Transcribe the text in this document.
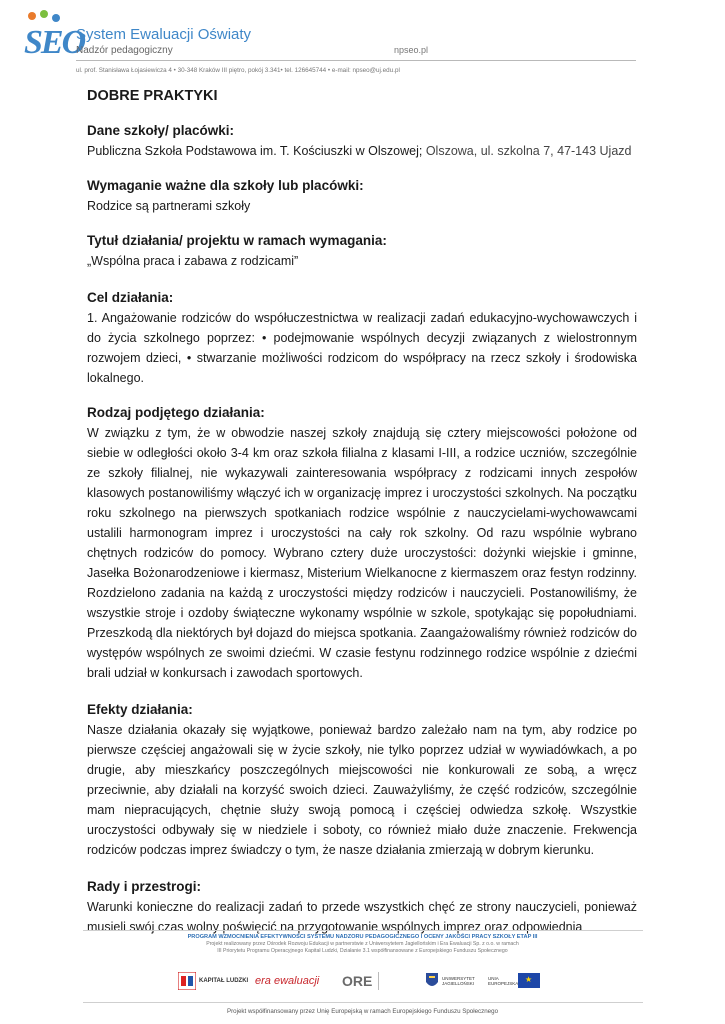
SEO
System Ewaluacji Oświaty
Nadzór pedagogiczny	npseo.pl
ul. prof. Stanisława Łojasiewicza 4 • 30-348 Kraków III piętro, pokój 3.341• tel. 126645744 • e-mail: npseo@uj.edu.pl

DOBRE PRAKTYKI

Dane szkoły/ placówki:

Publiczna Szkoła Podstawowa im. T. Kościuszki w Olszowej; Olszowa, ul. szkolna 7, 47-143 Ujazd

Wymaganie ważne dla szkoły lub placówki:

Rodzice są partnerami szkoły

Tytuł działania/ projektu w ramach wymagania:

„Wspólna praca i zabawa z rodzicami”

Cel działania:

1. Angażowanie rodziców do współuczestnictwa w realizacji zadań edukacyjno-wychowawczych i do życia szkolnego poprzez: • podejmowanie wspólnych decyzji związanych z wielostronnym rozwojem dzieci, • stwarzanie możliwości rodzicom do współpracy na rzecz szkoły i środowiska lokalnego.

Rodzaj podjętego działania:

W związku z tym, że w obwodzie naszej szkoły znajdują się cztery miejscowości położone od siebie w odległości około 3-4 km oraz szkoła filialna z klasami I-III, a rodzice uczniów, szczególnie ze szkoły filialnej, nie wykazywali zainteresowania współpracy z rodzicami innych zespołów klasowych postanowiliśmy włączyć ich w organizację imprez i uroczystości szkolnych. Na początku roku szkolnego na pierwszych spotkaniach rodzice wspólnie z nauczycielami-wychowawcami ustalili harmonogram imprez i uroczystości na cały rok szkolny. Od razu wspólnie wybrano chętnych rodziców do pomocy. Wybrano cztery duże uroczystości: dożynki wiejskie i gminne, Jasełka Bożonarodzeniowe i kiermasz, Misterium Wielkanocne z kiermaszem oraz festyn rodzinny. Rozdzielono zadania na każdą z uroczystości między rodziców i nauczycieli. Postanowiliśmy, że wszystkie stroje i ozdoby świąteczne wykonamy wspólnie w szkole, spotykając się popołudniami. Przeszkodą dla niektórych był dojazd do miejsca spotkania. Zaangażowaliśmy również rodziców do występów wspólnych ze swoimi dziećmi. W czasie festynu rodzinnego rodzice wspólnie z dziećmi brali udział w konkursach i zawodach sportowych.

Efekty działania:

Nasze działania okazały się wyjątkowe, ponieważ bardzo zależało nam na tym, aby rodzice po pierwsze częściej angażowali się w życie szkoły, nie tylko poprzez udział w wywiadówkach, a po drugie, aby mieszkańcy poszczególnych miejscowości nie konkurowali ze sobą, a wręcz przeciwnie, aby działali na korzyść swoich dzieci. Zauważyliśmy, że część rodziców, szczególnie mam niepracujących, chętnie służy swoją pomocą i częściej odwiedza szkołę. Wszystkie uroczystości odbywały się w niedziele i soboty, co również miało duże znaczenie. Frekwencja rodziców podczas imprez świadczy o tym, że nasze działania zmierzają w dobrym kierunku.

Rady i przestrogi:

Warunki konieczne do realizacji zadań to przede wszystkich chęć ze strony nauczycieli, ponieważ musieli swój czas wolny poświęcić na przygotowanie wspólnych imprez oraz odpowiednia

PROGRAM WZMOCNIENIA EFEKTYWNOŚCI SYSTEMU NADZORU PEDAGOGICZNEGO I OCENY JAKOŚCI PRACY SZKOŁY ETAP III
Projekt realizowany przez Ośrodek Rozwoju Edukacji w partnerstwie z Uniwersytetem Jagiellońskim i Era Ewaluacji Sp. z o.o. w ramach
III Priorytetu Programu Operacyjnego Kapitał Ludzki, Działanie 3.1 współfinansowane z Europejskiego Funduszu Społecznego
KAPITAŁ LUDZKI era ewaluacji ORE	UNIWERSYTET JAGIELLOŃSKI
UNIA EUROPEJSKA
★
Projekt współfinansowany przez Unię Europejską w ramach Europejskiego Funduszu Społecznego
